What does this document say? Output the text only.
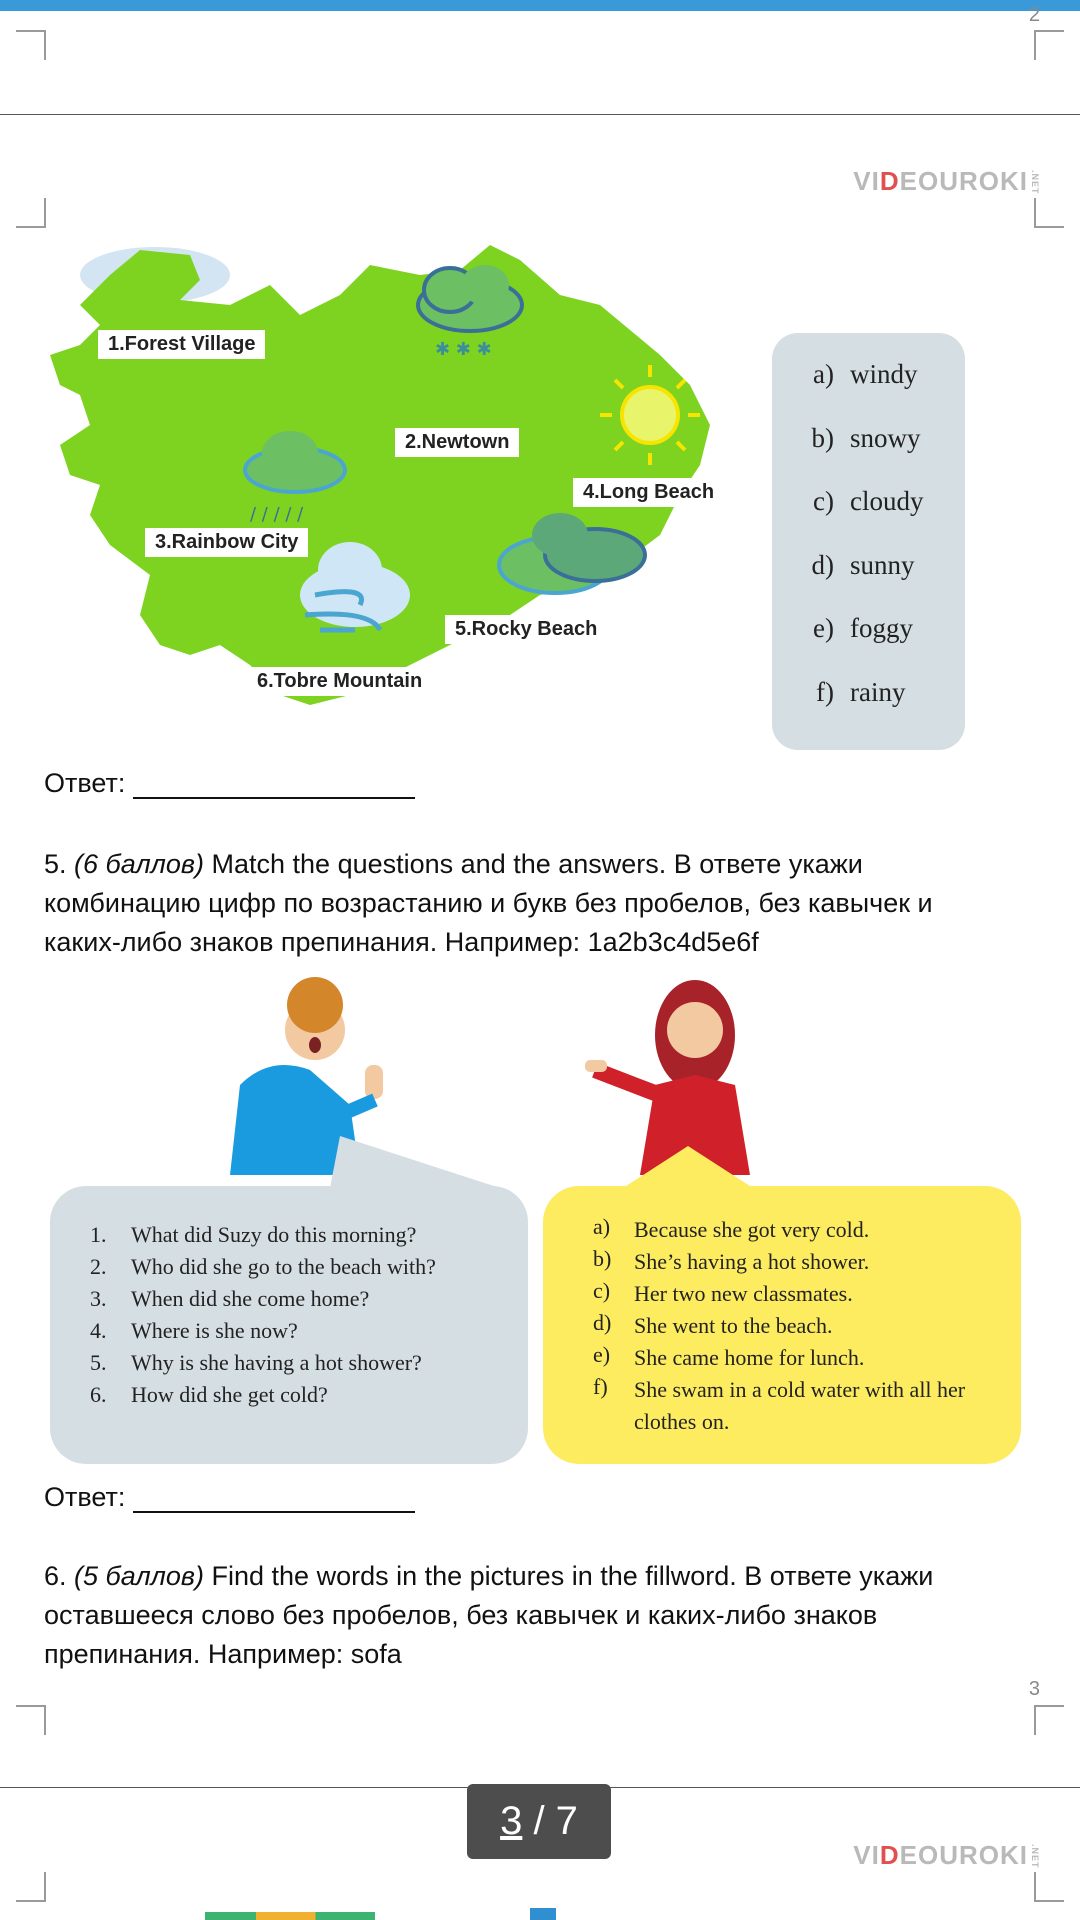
2
VIDEOUROKI .NET
✱ ✱ ✱
/ / / / /
1.Forest Village
2.Newtown
3.Rainbow City
4.Long Beach
5.Rocky Beach
6.Tobre Mountain
a) windy
b) snowy
c) cloudy
d) sunny
e) foggy
f) rainy
Ответ:
5. (6 баллов) Match the questions and the answers. В ответе укажи
комбинацию цифр по возрастанию и букв без пробелов, без кавычек и
каких-либо знаков препинания. Например: 1a2b3c4d5e6f
1. What did Suzy do this morning?
2. Who did she go to the beach with?
3. When did she come home?
4. Where is she now?
5. Why is she having a hot shower?
6. How did she get cold?
a) Because she got very cold.
b) She’s having a hot shower.
c) Her two new classmates.
d) She went to the beach.
e) She came home for lunch.
f) She swam in a cold water with all her clothes on.
Ответ:
6. (5 баллов) Find the words in the pictures in the fillword. В ответе укажи
оставшееся слово без пробелов, без кавычек и каких-либо знаков
препинания. Например: sofa
3
VIDEOUROKI .NET
3 / 7
